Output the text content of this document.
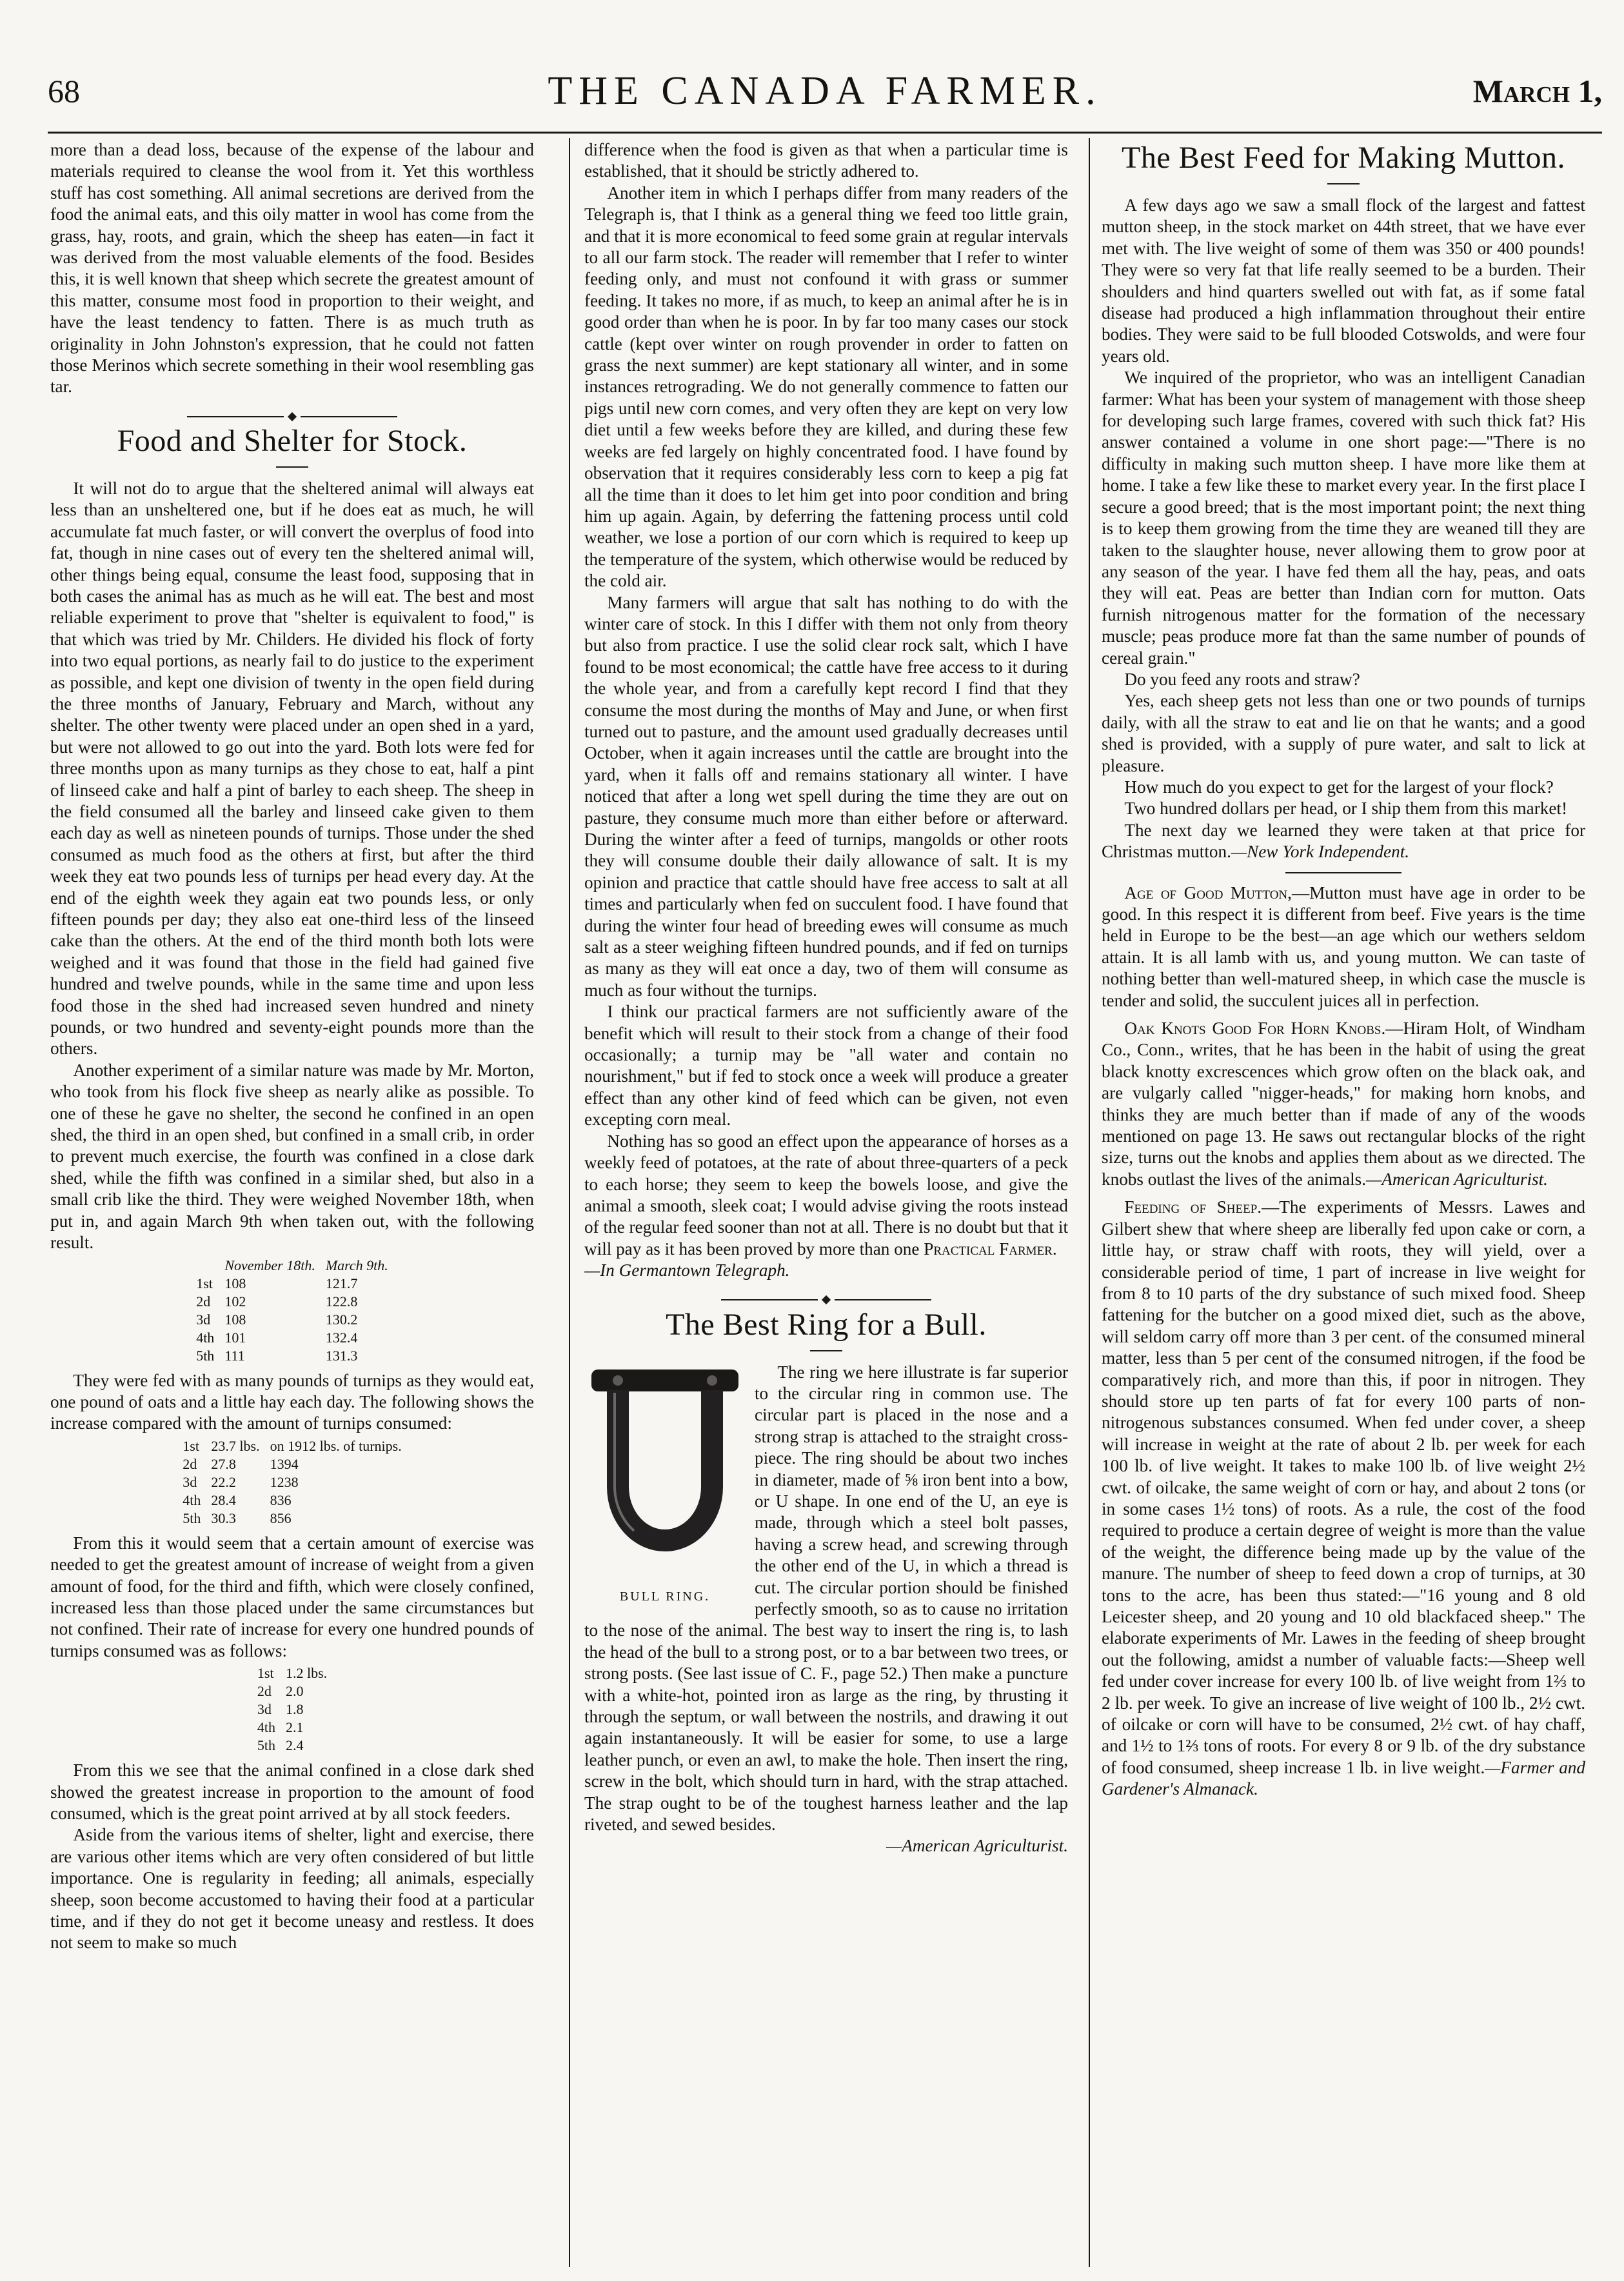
68	THE CANADA FARMER.	March 1,

more than a dead loss, because of the expense of the labour and materials required to cleanse the wool from it. Yet this worthless stuff has cost something. All animal secretions are derived from the food the animal eats, and this oily matter in wool has come from the grass, hay, roots, and grain, which the sheep has eaten—in fact it was derived from the most valuable elements of the food. Besides this, it is well known that sheep which secrete the greatest amount of this matter, consume most food in proportion to their weight, and have the least tendency to fatten. There is as much truth as originality in John Johnston's expression, that he could not fatten those Merinos which secrete something in their wool resembling gas tar.

Food and Shelter for Stock.

It will not do to argue that the sheltered animal will always eat less than an unsheltered one, but if he does eat as much, he will accumulate fat much faster, or will convert the overplus of food into fat, though in nine cases out of every ten the sheltered animal will, other things being equal, consume the least food, supposing that in both cases the animal has as much as he will eat. The best and most reliable experiment to prove that "shelter is equivalent to food," is that which was tried by Mr. Childers. He divided his flock of forty into two equal portions, as nearly fail to do justice to the experiment as possible, and kept one division of twenty in the open field during the three months of January, February and March, without any shelter. The other twenty were placed under an open shed in a yard, but were not allowed to go out into the yard. Both lots were fed for three months upon as many turnips as they chose to eat, half a pint of linseed cake and half a pint of barley to each sheep. The sheep in the field consumed all the barley and linseed cake given to them each day as well as nineteen pounds of turnips. Those under the shed consumed as much food as the others at first, but after the third week they eat two pounds less of turnips per head every day. At the end of the eighth week they again eat two pounds less, or only fifteen pounds per day; they also eat one-third less of the linseed cake than the others. At the end of the third month both lots were weighed and it was found that those in the field had gained five hundred and twelve pounds, while in the same time and upon less food those in the shed had increased seven hundred and ninety pounds, or two hundred and seventy-eight pounds more than the others.

Another experiment of a similar nature was made by Mr. Morton, who took from his flock five sheep as nearly alike as possible. To one of these he gave no shelter, the second he confined in an open shed, the third in an open shed, but confined in a small crib, in order to prevent much exercise, the fourth was confined in a close dark shed, while the fifth was confined in a similar shed, but also in a small crib like the third. They were weighed November 18th, when put in, and again March 9th when taken out, with the following result.

	November 18th.	March 9th.
1st	108	121.7
2d	102	122.8
3d	108	130.2
4th	101	132.4
5th	111	131.3

They were fed with as many pounds of turnips as they would eat, one pound of oats and a little hay each day. The following shows the increase compared with the amount of turnips consumed:

1st	23.7 lbs.	on 1912 lbs. of turnips.
2d	27.8	1394
3d	22.2	1238
4th	28.4	836
5th	30.3	856

From this it would seem that a certain amount of exercise was needed to get the greatest amount of increase of weight from a given amount of food, for the third and fifth, which were closely confined, increased less than those placed under the same circumstances but not confined. Their rate of increase for every one hundred pounds of turnips consumed was as follows:

1st	1.2 lbs.
2d	2.0
3d	1.8
4th	2.1
5th	2.4

From this we see that the animal confined in a close dark shed showed the greatest increase in proportion to the amount of food consumed, which is the great point arrived at by all stock feeders.

Aside from the various items of shelter, light and exercise, there are various other items which are very often considered of but little importance. One is regularity in feeding; all animals, especially sheep, soon become accustomed to having their food at a particular time, and if they do not get it become uneasy and restless. It does not seem to make so much

difference when the food is given as that when a particular time is established, that it should be strictly adhered to.

Another item in which I perhaps differ from many readers of the Telegraph is, that I think as a general thing we feed too little grain, and that it is more economical to feed some grain at regular intervals to all our farm stock. The reader will remember that I refer to winter feeding only, and must not confound it with grass or summer feeding. It takes no more, if as much, to keep an animal after he is in good order than when he is poor. In by far too many cases our stock cattle (kept over winter on rough provender in order to fatten on grass the next summer) are kept stationary all winter, and in some instances retrograding. We do not generally commence to fatten our pigs until new corn comes, and very often they are kept on very low diet until a few weeks before they are killed, and during these few weeks are fed largely on highly concentrated food. I have found by observation that it requires considerably less corn to keep a pig fat all the time than it does to let him get into poor condition and bring him up again. Again, by deferring the fattening process until cold weather, we lose a portion of our corn which is required to keep up the temperature of the system, which otherwise would be reduced by the cold air.

Many farmers will argue that salt has nothing to do with the winter care of stock. In this I differ with them not only from theory but also from practice. I use the solid clear rock salt, which I have found to be most economical; the cattle have free access to it during the whole year, and from a carefully kept record I find that they consume the most during the months of May and June, or when first turned out to pasture, and the amount used gradually decreases until October, when it again increases until the cattle are brought into the yard, when it falls off and remains stationary all winter. I have noticed that after a long wet spell during the time they are out on pasture, they consume much more than either before or afterward. During the winter after a feed of turnips, mangolds or other roots they will consume double their daily allowance of salt. It is my opinion and practice that cattle should have free access to salt at all times and particularly when fed on succulent food. I have found that during the winter four head of breeding ewes will consume as much salt as a steer weighing fifteen hundred pounds, and if fed on turnips as many as they will eat once a day, two of them will consume as much as four without the turnips.

I think our practical farmers are not sufficiently aware of the benefit which will result to their stock from a change of their food occasionally; a turnip may be "all water and contain no nourishment," but if fed to stock once a week will produce a greater effect than any other kind of feed which can be given, not even excepting corn meal.

Nothing has so good an effect upon the appearance of horses as a weekly feed of potatoes, at the rate of about three-quarters of a peck to each horse; they seem to keep the bowels loose, and give the animal a smooth, sleek coat; I would advise giving the roots instead of the regular feed sooner than not at all. There is no doubt but that it will pay as it has been proved by more than one Practical Farmer.

—In Germantown Telegraph.

The Best Ring for a Bull.
BULL RING.

The ring we here illustrate is far superior to the circular ring in common use. The circular part is placed in the nose and a strong strap is attached to the straight cross-piece. The ring should be about two inches in diameter, made of ⅝ iron bent into a bow, or U shape. In one end of the U, an eye is made, through which a steel bolt passes, having a screw head, and screwing through the other end of the U, in which a thread is cut. The circular portion should be finished perfectly smooth, so as to cause no irritation to the nose of the animal. The best way to insert the ring is, to lash the head of the bull to a strong post, or to a bar between two trees, or strong posts. (See last issue of C. F., page 52.) Then make a puncture with a white-hot, pointed iron as large as the ring, by thrusting it through the septum, or wall between the nostrils, and drawing it out again instantaneously. It will be easier for some, to use a large leather punch, or even an awl, to make the hole. Then insert the ring, screw in the bolt, which should turn in hard, with the strap attached. The strap ought to be of the toughest harness leather and the lap riveted, and sewed besides.

—American Agriculturist.

The Best Feed for Making Mutton.

A few days ago we saw a small flock of the largest and fattest mutton sheep, in the stock market on 44th street, that we have ever met with. The live weight of some of them was 350 or 400 pounds! They were so very fat that life really seemed to be a burden. Their shoulders and hind quarters swelled out with fat, as if some fatal disease had produced a high inflammation throughout their entire bodies. They were said to be full blooded Cotswolds, and were four years old.

We inquired of the proprietor, who was an intelligent Canadian farmer: What has been your system of management with those sheep for developing such large frames, covered with such thick fat? His answer contained a volume in one short page:—"There is no difficulty in making such mutton sheep. I have more like them at home. I take a few like these to market every year. In the first place I secure a good breed; that is the most important point; the next thing is to keep them growing from the time they are weaned till they are taken to the slaughter house, never allowing them to grow poor at any season of the year. I have fed them all the hay, peas, and oats they will eat. Peas are better than Indian corn for mutton. Oats furnish nitrogenous matter for the formation of the necessary muscle; peas produce more fat than the same number of pounds of cereal grain."

Do you feed any roots and straw?

Yes, each sheep gets not less than one or two pounds of turnips daily, with all the straw to eat and lie on that he wants; and a good shed is provided, with a supply of pure water, and salt to lick at pleasure.

How much do you expect to get for the largest of your flock?

Two hundred dollars per head, or I ship them from this market!

The next day we learned they were taken at that price for Christmas mutton.—New York Independent.

Age of Good Mutton,—Mutton must have age in order to be good. In this respect it is different from beef. Five years is the time held in Europe to be the best—an age which our wethers seldom attain. It is all lamb with us, and young mutton. We can taste of nothing better than well-matured sheep, in which case the muscle is tender and solid, the succulent juices all in perfection.

Oak Knots Good For Horn Knobs.—Hiram Holt, of Windham Co., Conn., writes, that he has been in the habit of using the great black knotty excrescences which grow often on the black oak, and are vulgarly called "nigger-heads," for making horn knobs, and thinks they are much better than if made of any of the woods mentioned on page 13. He saws out rectangular blocks of the right size, turns out the knobs and applies them about as we directed. The knobs outlast the lives of the animals.—American Agriculturist.

Feeding of Sheep.—The experiments of Messrs. Lawes and Gilbert shew that where sheep are liberally fed upon cake or corn, a little hay, or straw chaff with roots, they will yield, over a considerable period of time, 1 part of increase in live weight for from 8 to 10 parts of the dry substance of such mixed food. Sheep fattening for the butcher on a good mixed diet, such as the above, will seldom carry off more than 3 per cent. of the consumed mineral matter, less than 5 per cent of the consumed nitrogen, if the food be comparatively rich, and more than this, if poor in nitrogen. They should store up ten parts of fat for every 100 parts of non-nitrogenous substances consumed. When fed under cover, a sheep will increase in weight at the rate of about 2 lb. per week for each 100 lb. of live weight. It takes to make 100 lb. of live weight 2½ cwt. of oilcake, the same weight of corn or hay, and about 2 tons (or in some cases 1½ tons) of roots. As a rule, the cost of the food required to produce a certain degree of weight is more than the value of the weight, the difference being made up by the value of the manure. The number of sheep to feed down a crop of turnips, at 30 tons to the acre, has been thus stated:—"16 young and 8 old Leicester sheep, and 20 young and 10 old blackfaced sheep." The elaborate experiments of Mr. Lawes in the feeding of sheep brought out the following, amidst a number of valuable facts:—Sheep well fed under cover increase for every 100 lb. of live weight from 1⅔ to 2 lb. per week. To give an increase of live weight of 100 lb., 2½ cwt. of oilcake or corn will have to be consumed, 2½ cwt. of hay chaff, and 1½ to 1⅔ tons of roots. For every 8 or 9 lb. of the dry substance of food consumed, sheep increase 1 lb. in live weight.—Farmer and Gardener's Almanack.
